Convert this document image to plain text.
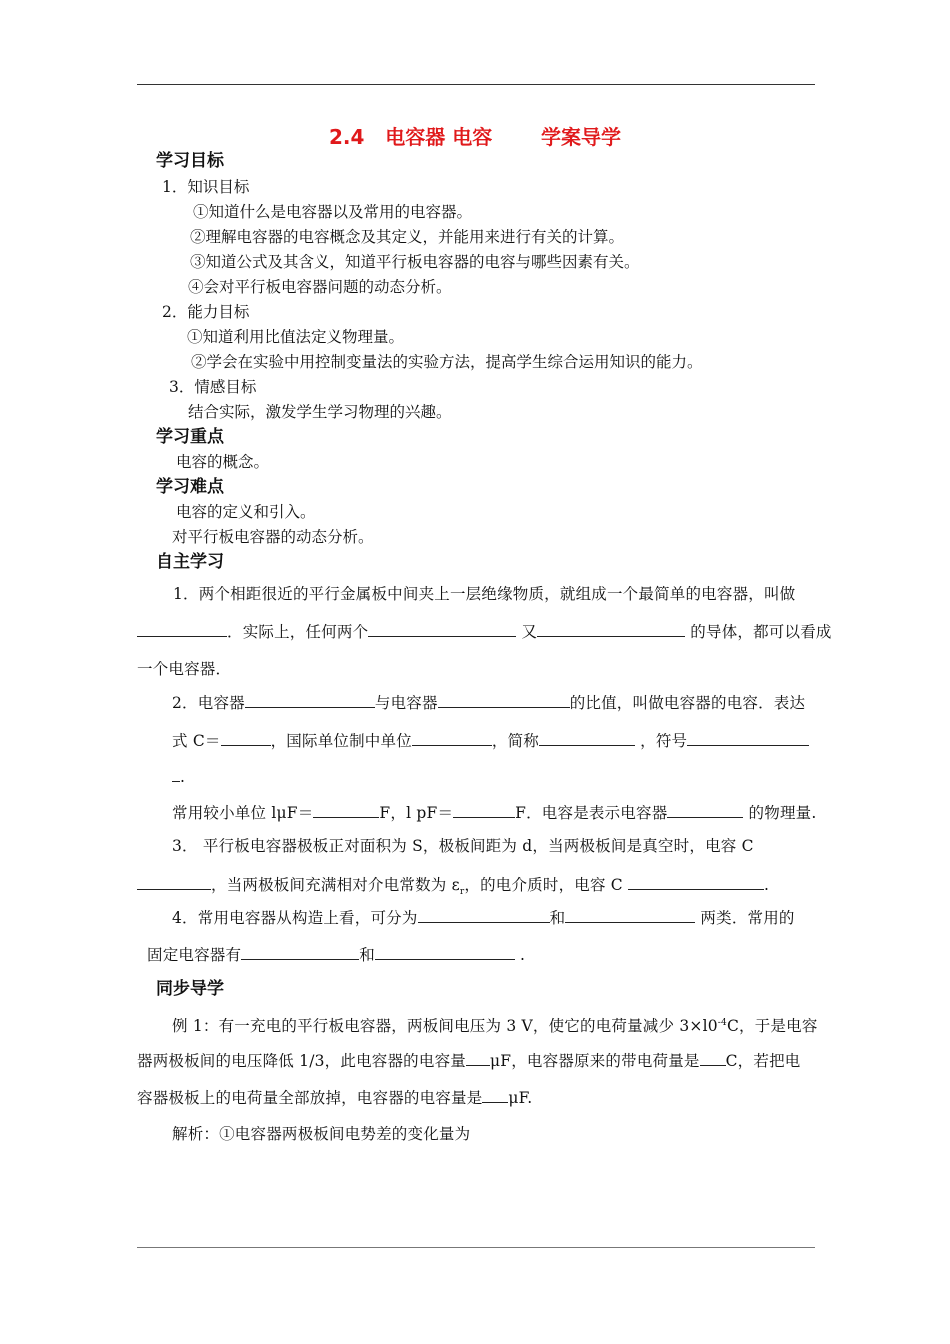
2.4   电容器 电容       学案导学
学习目标
1．知识目标
①知道什么是电容器以及常用的电容器。
②理解电容器的电容概念及其定义，并能用来进行有关的计算。
③知道公式及其含义，知道平行板电容器的电容与哪些因素有关。
④会对平行板电容器问题的动态分析。
2．能力目标
①知道利用比值法定义物理量。
②学会在实验中用控制变量法的实验方法，提高学生综合运用知识的能力。
3．情感目标
结合实际，激发学生学习物理的兴趣。
学习重点
电容的概念。
学习难点
电容的定义和引入。
对平行板电容器的动态分析。
自主学习
1．两个相距很近的平行金属板中间夹上一层绝缘物质，就组成一个最简单的电容器，叫做
．实际上，任何两个	又	的导体，都可以看成
一个电容器．
2．电容器	与电容器	的比值，叫做电容器的电容．表达
式 C＝	，国际单位制中单位	，简称	，符号
.
常用较小单位 lμF＝	F，l pF＝	F．电容是表示电容器	的物理量.
3． 平行板电容器极板正对面积为 S，极板间距为 d，当两极板间是真空时，电容 C
，当两极板间充满相对介电常数为 $\varepsilon_r$，的电介质时，电容 C	.
4．常用电容器从构造上看，可分为	和	两类．常用的
固定电容器有	和	.
同步导学
例 1：有一充电的平行板电容器，两板间电压为 3 V，使它的电荷量减少 $3\times l0^{-4}C$，于是电容
器两极板间的电压降低 1/3，此电容器的电容量 μF，电容器原来的带电荷量是 C，若把电
容器极板上的电荷量全部放掉，电容器的电容量是 μF.
解析：①电容器两极板间电势差的变化量为
